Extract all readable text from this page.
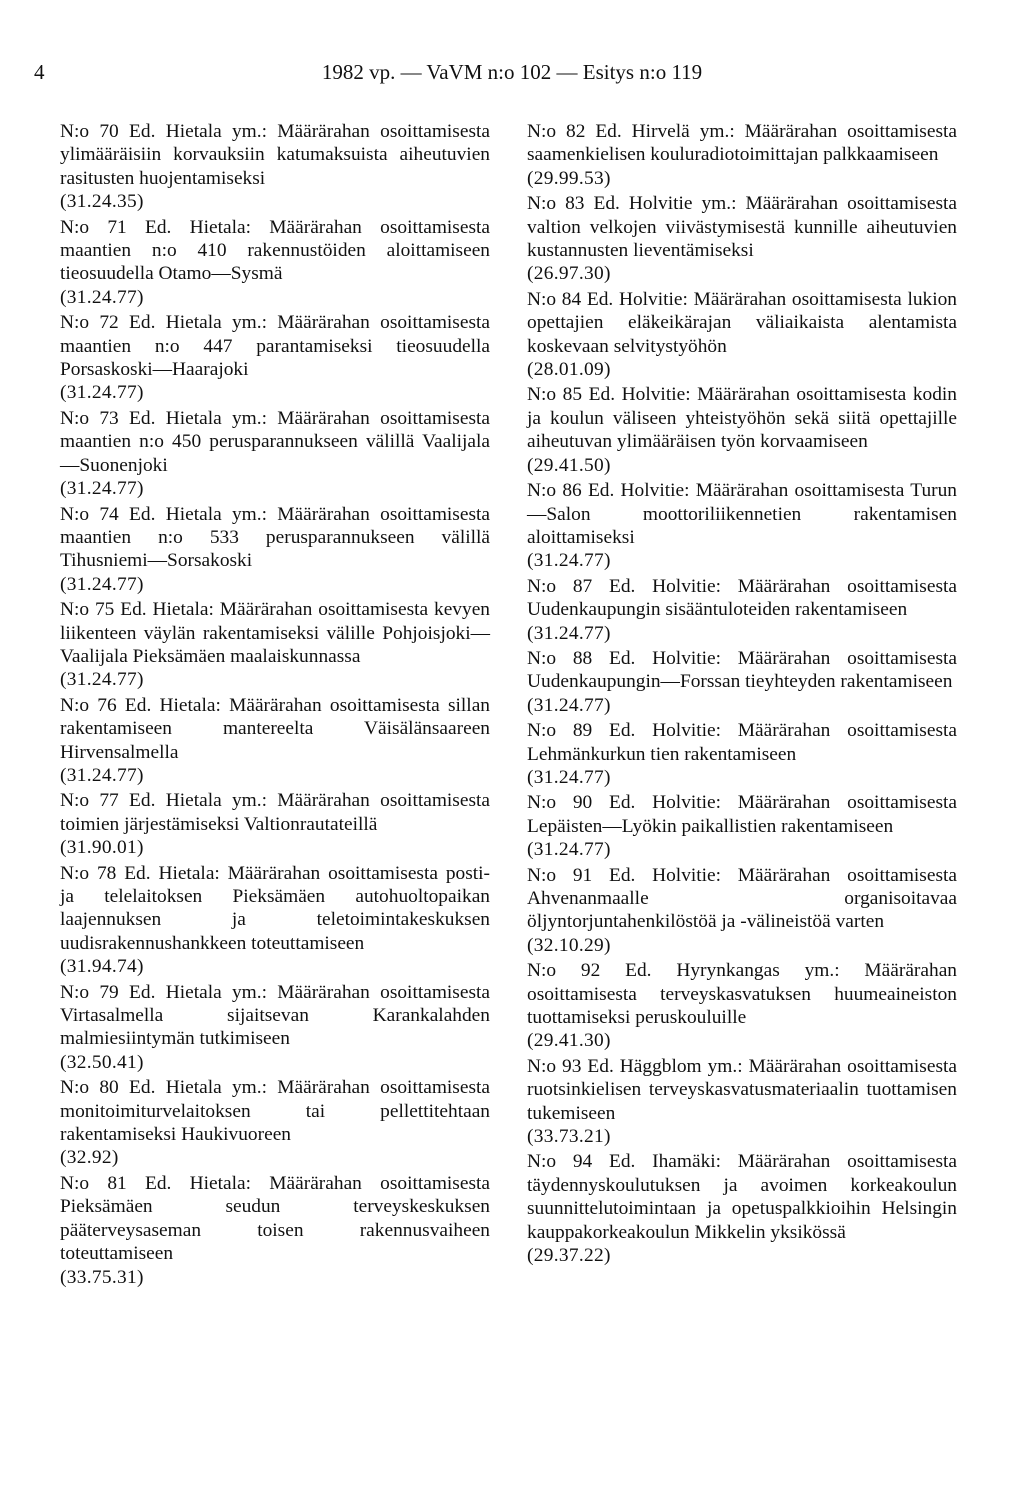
4	1982 vp. — VaVM n:o 102 — Esitys n:o 119
N:o 70 Ed. Hietala ym.: Määrärahan osoittamisesta ylimääräisiin korvauksiin katumaksuista aiheutuvien rasitusten huojentamiseksi
(31.24.35)
N:o 71 Ed. Hietala: Määrärahan osoittamisesta maantien n:o 410 rakennustöiden aloittamiseen tieosuudella Otamo—Sysmä
(31.24.77)
N:o 72 Ed. Hietala ym.: Määrärahan osoittamisesta maantien n:o 447 parantamiseksi tieosuudella Porsaskoski—Haarajoki
(31.24.77)
N:o 73 Ed. Hietala ym.: Määrärahan osoittamisesta maantien n:o 450 perusparannukseen välillä Vaalijala—Suonenjoki
(31.24.77)
N:o 74 Ed. Hietala ym.: Määrärahan osoittamisesta maantien n:o 533 perusparannukseen välillä Tihusniemi—Sorsakoski
(31.24.77)
N:o 75 Ed. Hietala: Määrärahan osoittamisesta kevyen liikenteen väylän rakentamiseksi välille Pohjoisjoki—Vaalijala Pieksämäen maalaiskunnassa
(31.24.77)
N:o 76 Ed. Hietala: Määrärahan osoittamisesta sillan rakentamiseen mantereelta Väisälänsaareen Hirvensalmella
(31.24.77)
N:o 77 Ed. Hietala ym.: Määrärahan osoittamisesta toimien järjestämiseksi Valtionrautateillä
(31.90.01)
N:o 78 Ed. Hietala: Määrärahan osoittamisesta posti- ja telelaitoksen Pieksämäen autohuoltopaikan laajennuksen ja teletoimintakeskuksen uudisrakennushankkeen toteuttamiseen
(31.94.74)
N:o 79 Ed. Hietala ym.: Määrärahan osoittamisesta Virtasalmella sijaitsevan Karankalahden malmiesiintymän tutkimiseen
(32.50.41)
N:o 80 Ed. Hietala ym.: Määrärahan osoittamisesta monitoimiturvelaitoksen tai pellettitehtaan rakentamiseksi Haukivuoreen
(32.92)
N:o 81 Ed. Hietala: Määrärahan osoittamisesta Pieksämäen seudun terveyskeskuksen pääterveysaseman toisen rakennusvaiheen toteuttamiseen
(33.75.31)
N:o 82 Ed. Hirvelä ym.: Määrärahan osoittamisesta saamenkielisen kouluradiotoimittajan palkkaamiseen
(29.99.53)
N:o 83 Ed. Holvitie ym.: Määrärahan osoittamisesta valtion velkojen viivästymisestä kunnille aiheutuvien kustannusten lieventämiseksi
(26.97.30)
N:o 84 Ed. Holvitie: Määrärahan osoittamisesta lukion opettajien eläkeikärajan väliaikaista alentamista koskevaan selvitystyöhön
(28.01.09)
N:o 85 Ed. Holvitie: Määrärahan osoittamisesta kodin ja koulun väliseen yhteistyöhön sekä siitä opettajille aiheutuvan ylimääräisen työn korvaamiseen
(29.41.50)
N:o 86 Ed. Holvitie: Määrärahan osoittamisesta Turun—Salon moottoriliikennetien rakentamisen aloittamiseksi
(31.24.77)
N:o 87 Ed. Holvitie: Määrärahan osoittamisesta Uudenkaupungin sisääntuloteiden rakentamiseen
(31.24.77)
N:o 88 Ed. Holvitie: Määrärahan osoittamisesta Uudenkaupungin—Forssan tieyhteyden rakentamiseen
(31.24.77)
N:o 89 Ed. Holvitie: Määrärahan osoittamisesta Lehmänkurkun tien rakentamiseen
(31.24.77)
N:o 90 Ed. Holvitie: Määrärahan osoittamisesta Lepäisten—Lyökin paikallistien rakentamiseen
(31.24.77)
N:o 91 Ed. Holvitie: Määrärahan osoittamisesta Ahvenanmaalle organisoitavaa öljyntorjuntahenkilöstöä ja -välineistöä varten
(32.10.29)
N:o 92 Ed. Hyrynkangas ym.: Määrärahan osoittamisesta terveyskasvatuksen huumeaineiston tuottamiseksi peruskouluille
(29.41.30)
N:o 93 Ed. Häggblom ym.: Määrärahan osoittamisesta ruotsinkielisen terveyskasvatusmateriaalin tuottamisen tukemiseen
(33.73.21)
N:o 94 Ed. Ihamäki: Määrärahan osoittamisesta täydennyskoulutuksen ja avoimen korkeakoulun suunnittelutoimintaan ja opetuspalkkioihin Helsingin kauppakorkeakoulun Mikkelin yksikössä
(29.37.22)
